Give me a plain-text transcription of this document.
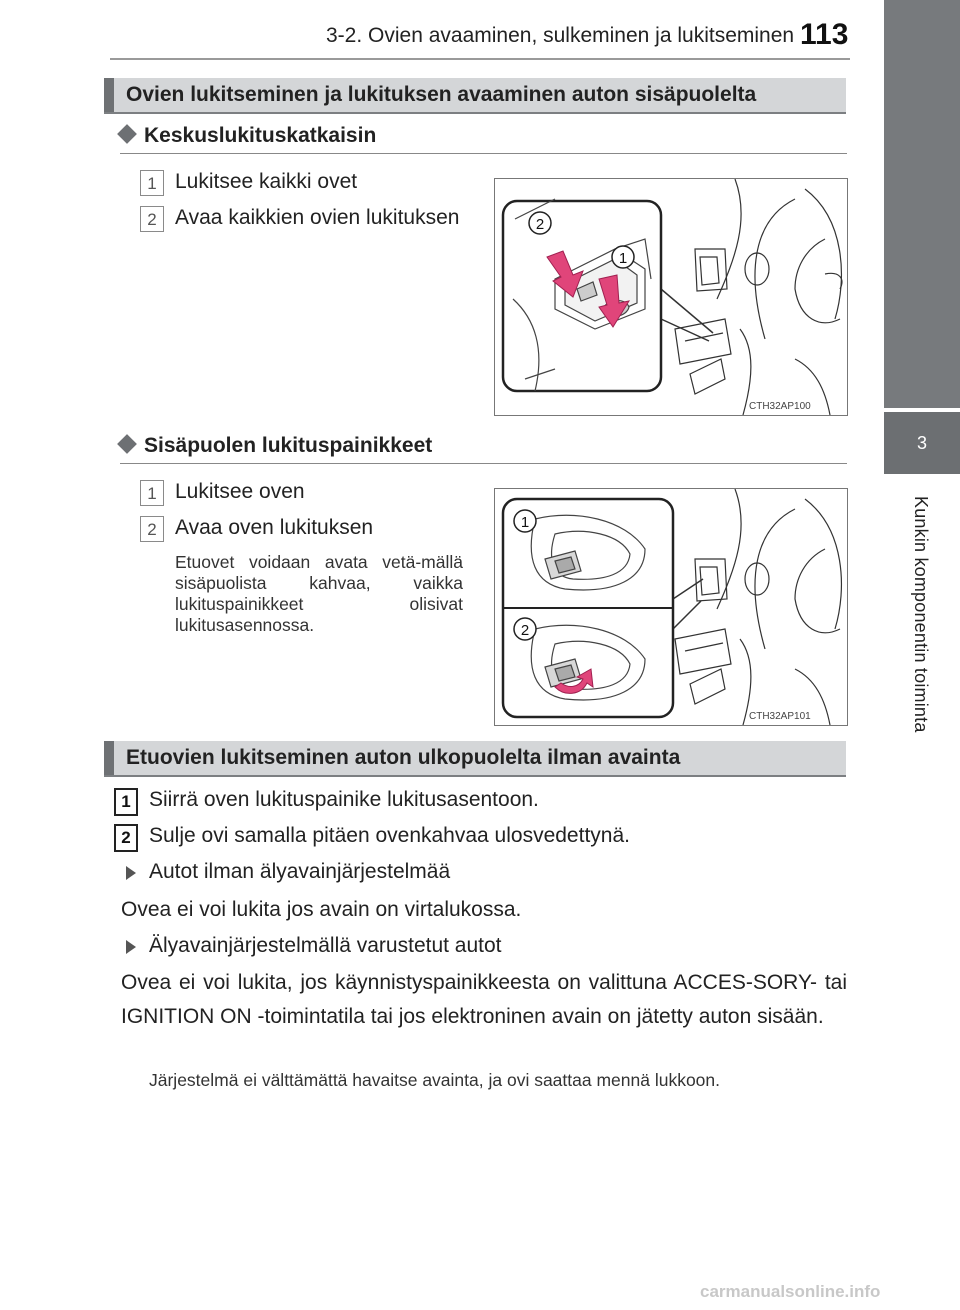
3-2. Ovien avaaminen, sulkeminen ja lukitseminen 113
3
Kunkin komponentin toiminta
Ovien lukitseminen ja lukituksen avaaminen auton sisäpuolelta
Keskuslukituskatkaisin
1 Lukitsee kaikki ovet
2 Avaa kaikkien ovien lukituksen	2
1
CTH32AP100
Sisäpuolen lukituspainikkeet
1 Lukitsee oven
2 Avaa oven lukituksen
Etuovet voidaan avata vetä-mällä sisäpuolista kahvaa, vaikka lukituspainikkeet olisivat lukitusasennossa.
1
2
CTH32AP101
Etuovien lukitseminen auton ulkopuolelta ilman avainta
1 Siirrä oven lukituspainike lukitusasentoon.
2 Sulje ovi samalla pitäen ovenkahvaa ulosvedettynä.
Autot ilman älyavainjärjestelmää
Ovea ei voi lukita jos avain on virtalukossa.
Älyavainjärjestelmällä varustetut autot
Ovea ei voi lukita, jos käynnistyspainikkeesta on valittuna ACCES-SORY- tai IGNITION ON -toimintatila tai jos elektroninen avain on jätetty auton sisään.
Järjestelmä ei välttämättä havaitse avainta, ja ovi saattaa mennä lukkoon.
carmanualsonline.info
